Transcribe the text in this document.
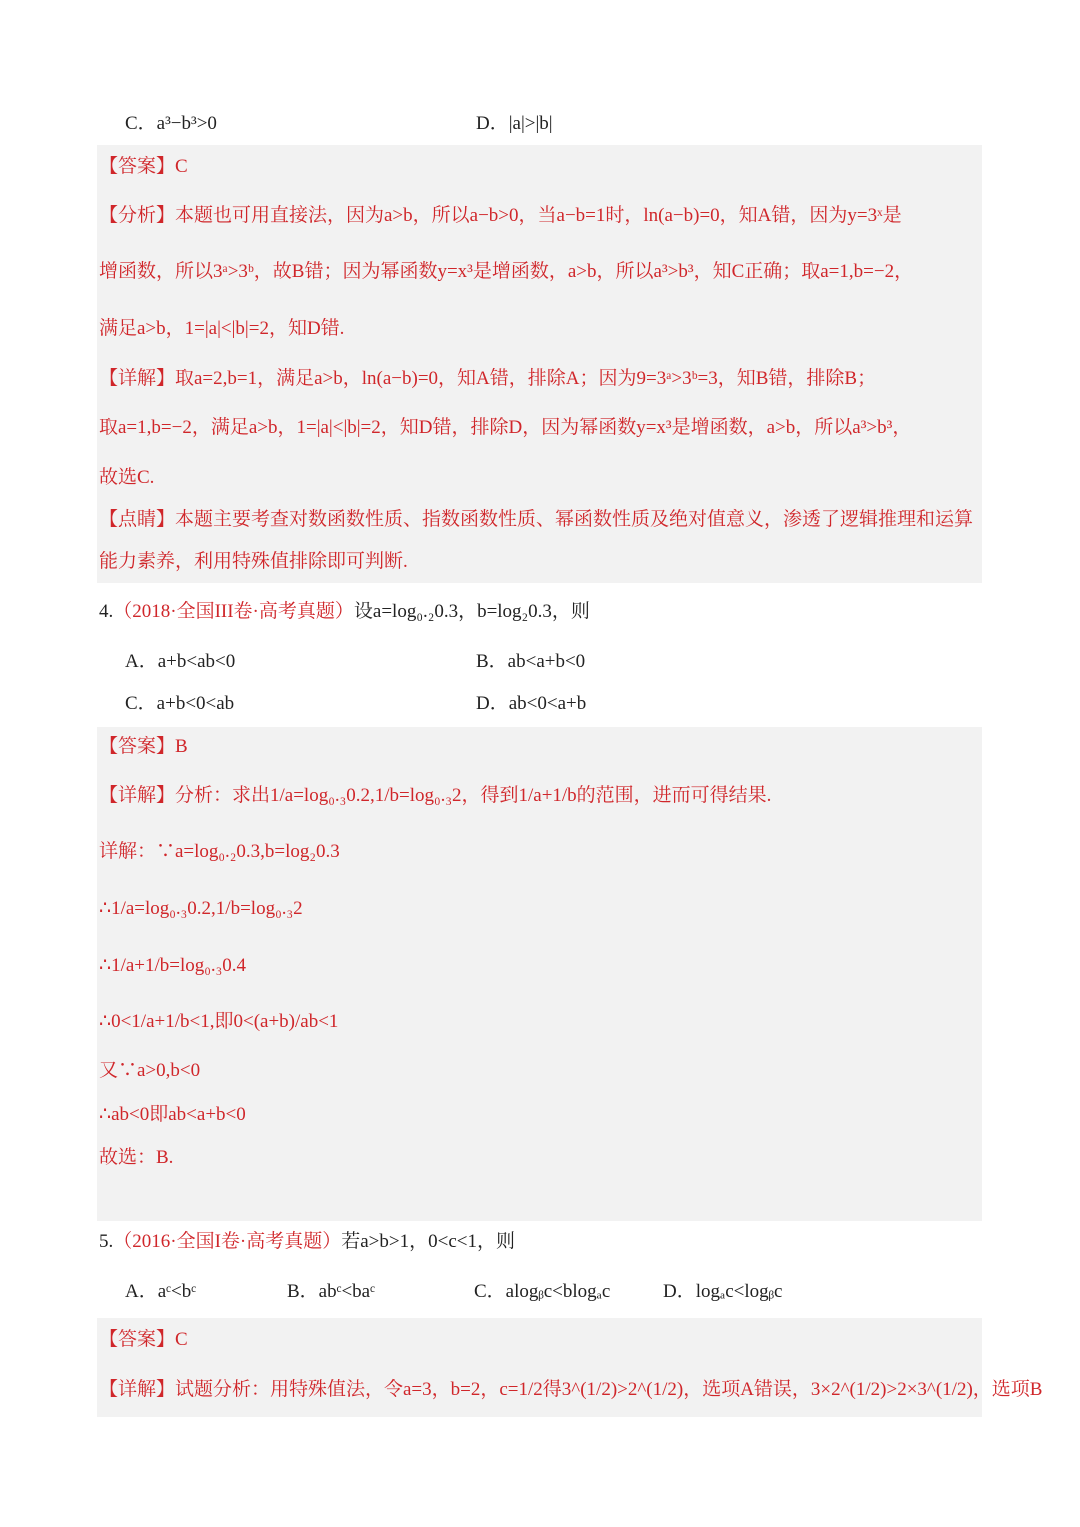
C．a³−b³>0	D．|a|>|b|
【答案】C
【分析】本题也可用直接法，因为a>b，所以a−b>0，当a−b=1时，ln(a−b)=0，知A错，因为y=3ˣ是
增函数，所以3ᵃ>3ᵇ，故B错；因为幂函数y=x³是增函数，a>b，所以a³>b³，知C正确；取a=1,b=−2，
满足a>b，1=|a|<|b|=2，知D错.
【详解】取a=2,b=1，满足a>b，ln(a−b)=0，知A错，排除A；因为9=3ᵃ>3ᵇ=3，知B错，排除B；
取a=1,b=−2，满足a>b，1=|a|<|b|=2，知D错，排除D，因为幂函数y=x³是增函数，a>b，所以a³>b³，
故选C.
【点睛】本题主要考查对数函数性质、指数函数性质、幂函数性质及绝对值意义，渗透了逻辑推理和运算
能力素养，利用特殊值排除即可判断.
4.（2018·全国III卷·高考真题）设a=log₀.₂0.3，b=log₂0.3，则
A．a+b<ab<0	B．ab<a+b<0
C．a+b<0<ab	D．ab<0<a+b
【答案】B
【详解】分析：求出1/a=log₀.₃0.2,1/b=log₀.₃2，得到1/a+1/b的范围，进而可得结果.
详解：∵a=log₀.₂0.3,b=log₂0.3
∴1/a=log₀.₃0.2,1/b=log₀.₃2
∴1/a+1/b=log₀.₃0.4
∴0<1/a+1/b<1,即0<(a+b)/ab<1
又∵a>0,b<0
∴ab<0即ab<a+b<0
故选：B.
5.（2016·全国I卷·高考真题）若a>b>1，0<c<1，则
A．aᶜ<bᶜ	B．abᶜ<baᶜ	C．alogᵦc<blogₐc	D．logₐc<logᵦc
【答案】C
【详解】试题分析：用特殊值法，令a=3，b=2，c=1/2得3^(1/2)>2^(1/2)，选项A错误，3×2^(1/2)>2×3^(1/2)，选项B
